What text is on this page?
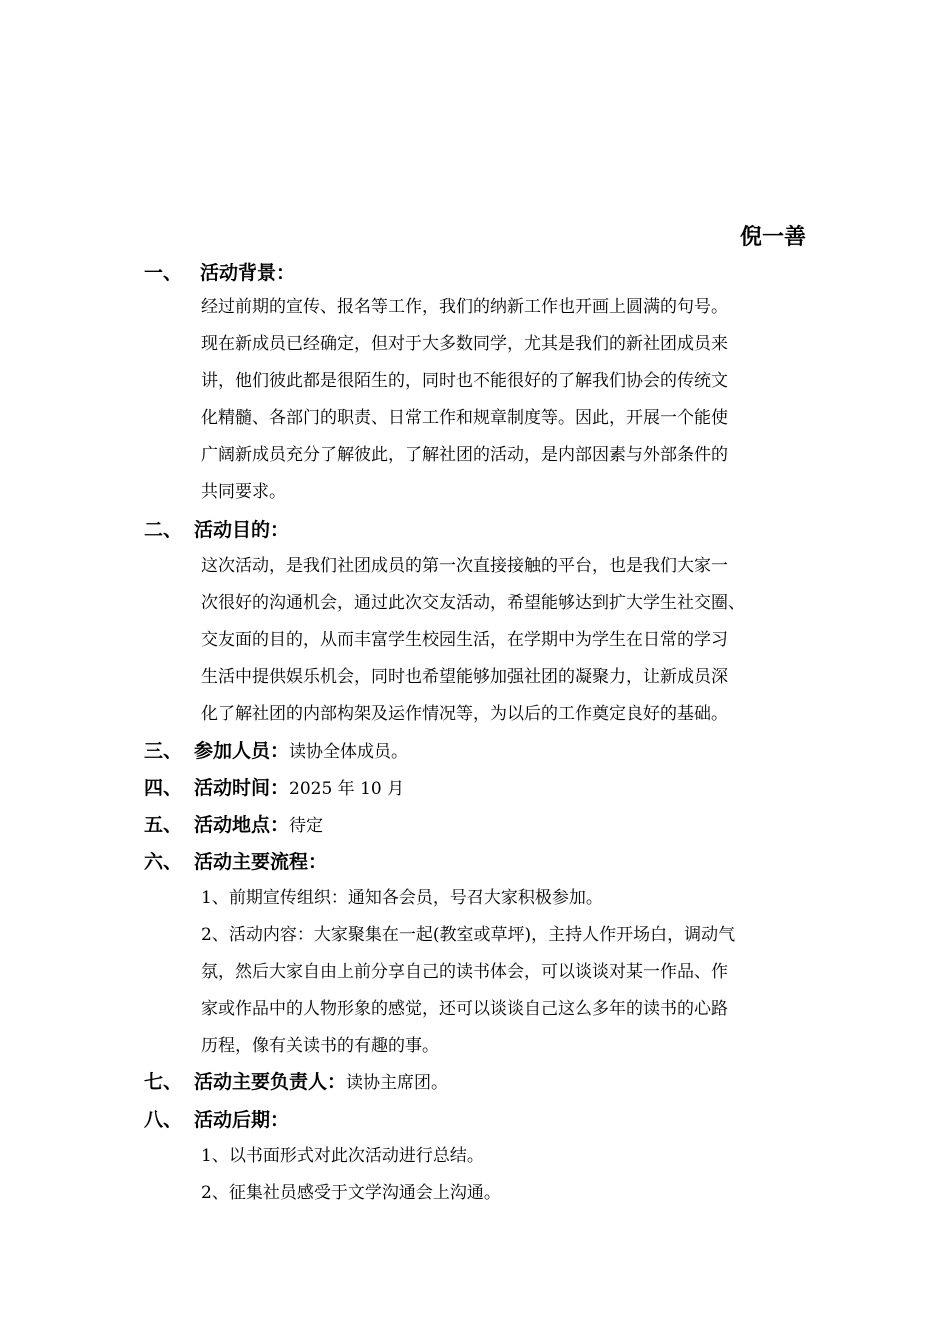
倪一善
一、 活动背景：

经过前期的宣传、报名等工作，我们的纳新工作也开画上圆满的句号。

现在新成员已经确定，但对于大多数同学，尤其是我们的新社团成员来

讲，他们彼此都是很陌生的，同时也不能很好的了解我们协会的传统文

化精髓、各部门的职责、日常工作和规章制度等。因此，开展一个能使

广阔新成员充分了解彼此，了解社团的活动，是内部因素与外部条件的

共同要求。

二、 活动目的：

这次活动，是我们社团成员的第一次直接接触的平台，也是我们大家一

次很好的沟通机会，通过此次交友活动，希望能够达到扩大学生社交圈、

交友面的目的，从而丰富学生校园生活，在学期中为学生在日常的学习

生活中提供娱乐机会，同时也希望能够加强社团的凝聚力，让新成员深

化了解社团的内部构架及运作情况等，为以后的工作奠定良好的基础。

三、 参加人员：读协全体成员。
四、 活动时间：2025 年 10 月
五、 活动地点：待定
六、 活动主要流程：

1、前期宣传组织：通知各会员，号召大家积极参加。

2、活动内容：大家聚集在一起(教室或草坪)，主持人作开场白，调动气

氛，然后大家自由上前分享自己的读书体会，可以谈谈对某一作品、作

家或作品中的人物形象的感觉，还可以谈谈自己这么多年的读书的心路

历程，像有关读书的有趣的事。

七、 活动主要负责人：读协主席团。
八、 活动后期：

1、以书面形式对此次活动进行总结。

2、征集社员感受于文学沟通会上沟通。
